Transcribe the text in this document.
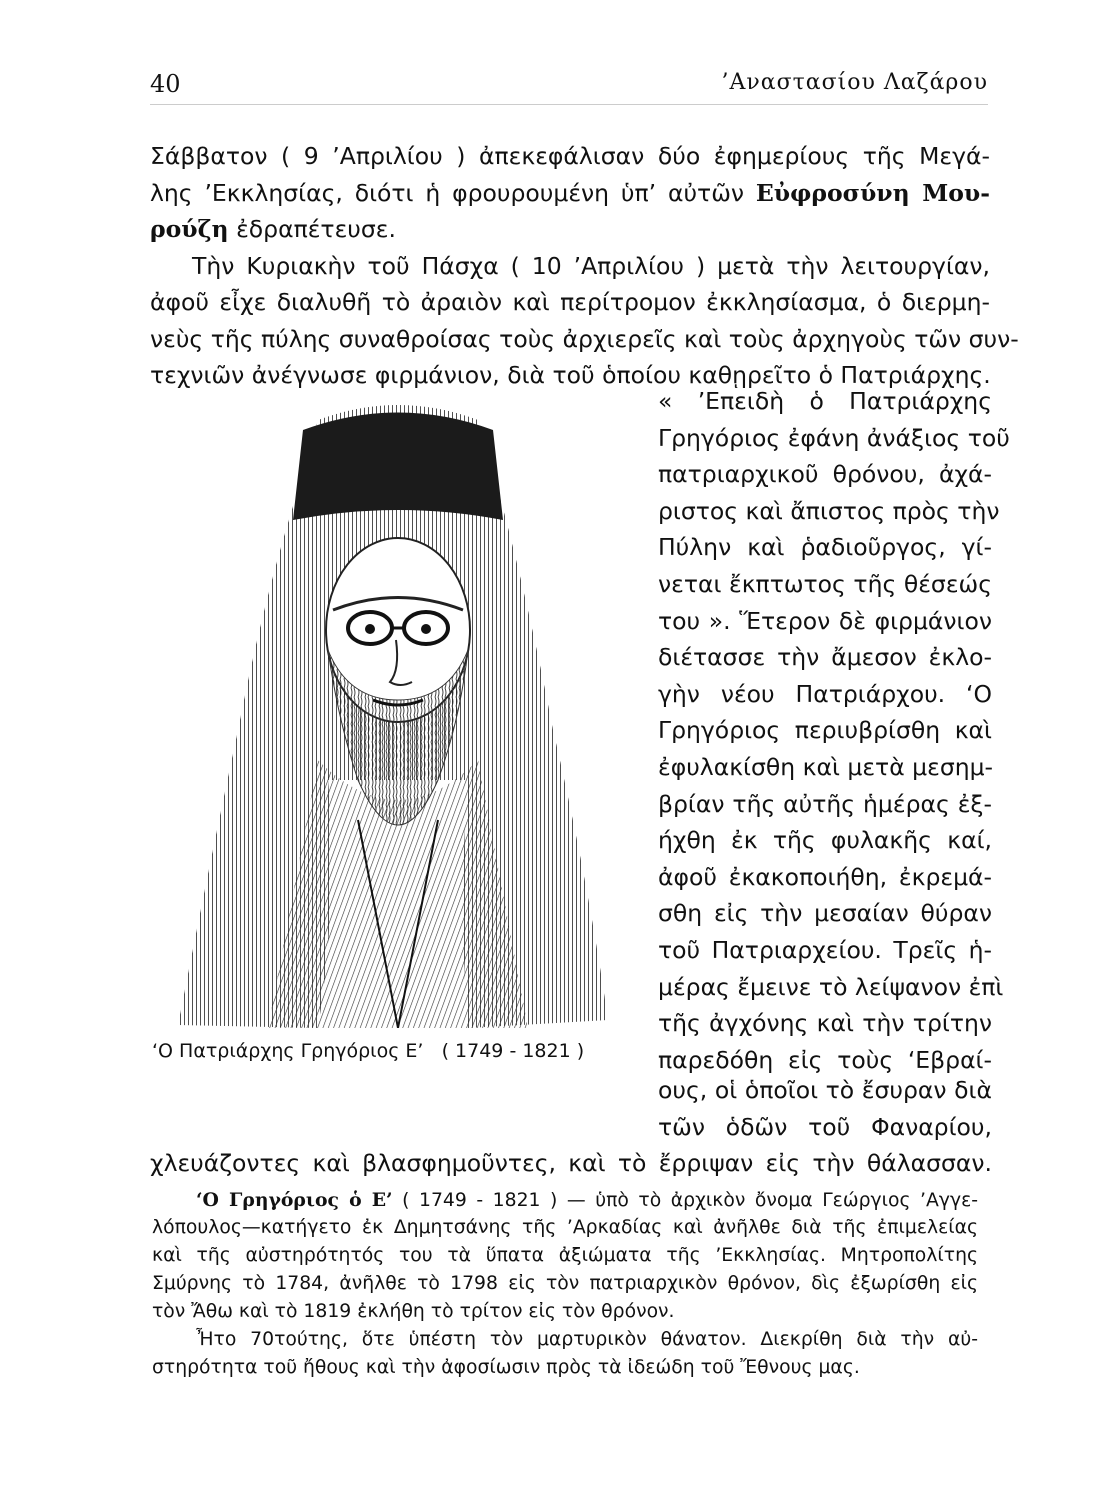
40	’Αναστασίου Λαζάρου
Σάββατον ( 9 ’Απριλίου ) ἀπεκεφάλισαν δύο ἐφημερίους τῆς Μεγά-
λης ’Εκκλησίας, διότι ἡ φρουρουμένη ὑπ’ αὐτῶν Εὐφροσύνη Μου-
ρούζη ἐδραπέτευσε.
Τὴν Κυριακὴν τοῦ Πάσχα ( 10 ’Απριλίου ) μετὰ τὴν λειτουργίαν,
ἀφοῦ εἶχε διαλυθῆ τὸ ἀραιὸν καὶ περίτρομον ἐκκλησίασμα, ὁ διερμη-
νεὺς τῆς πύλης συναθροίσας τοὺς ἀρχιερεῖς καὶ τοὺς ἀρχηγοὺς τῶν συν-
τεχνιῶν ἀνέγνωσε φιρμάνιον, διὰ τοῦ ὁποίου καθῃρεῖτο ὁ Πατριάρχης.
« ’Επειδὴ ὁ Πατριάρχης
Γρηγόριος ἐφάνη ἀνάξιος τοῦ
πατριαρχικοῦ θρόνου, ἀχά-
ριστος καὶ ἄπιστος πρὸς τὴν
Πύλην καὶ ῥαδιοῦργος, γί-
νεται ἔκπτωτος τῆς θέσεώς
του ». Ἕτερον δὲ φιρμάνιον
διέτασσε τὴν ἄμεσον ἐκλο-
γὴν νέου Πατριάρχου. ‘Ο
Γρηγόριος περιυβρίσθη καὶ
ἐφυλακίσθη καὶ μετὰ μεσημ-
βρίαν τῆς αὐτῆς ἡμέρας ἐξ-
ήχθη ἐκ τῆς φυλακῆς καί,
ἀφοῦ ἐκακοποιήθη, ἐκρεμά-
σθη εἰς τὴν μεσαίαν θύραν
τοῦ Πατριαρχείου. Τρεῖς ἡ-
μέρας ἔμεινε τὸ λείψανον ἐπὶ
τῆς ἀγχόνης καὶ τὴν τρίτην
παρεδόθη εἰς τοὺς ‘Εβραί-
‘Ο Πατριάρχης Γρηγόριος Ε’   ( 1749 - 1821 )
ους, οἱ ὁποῖοι τὸ ἔσυραν διὰ
τῶν ὁδῶν τοῦ Φαναρίου,
χλευάζοντες καὶ βλασφημοῦντες, καὶ τὸ ἔρριψαν εἰς τὴν θάλασσαν.
‘Ο Γρηγόριος ὁ Ε’ ( 1749 - 1821 ) — ὑπὸ τὸ ἀρχικὸν ὄνομα Γεώργιος ’Αγγε-
λόπουλος—κατήγετο ἐκ Δημητσάνης τῆς ’Αρκαδίας καὶ ἀνῆλθε διὰ τῆς ἐπιμελείας
καὶ τῆς αὐστηρότητός του τὰ ὕπατα ἀξιώματα τῆς ’Εκκλησίας. Μητροπολίτης
Σμύρνης τὸ 1784, ἀνῆλθε τὸ 1798 εἰς τὸν πατριαρχικὸν θρόνον, δὶς ἐξωρίσθη εἰς
τὸν Ἄθω καὶ τὸ 1819 ἐκλήθη τὸ τρίτον εἰς τὸν θρόνον.
Ἦτο 70τούτης, ὅτε ὑπέστη τὸν μαρτυρικὸν θάνατον. Διεκρίθη διὰ τὴν αὐ-
στηρότητα τοῦ ἤθους καὶ τὴν ἀφοσίωσιν πρὸς τὰ ἰδεώδη τοῦ Ἔθνους μας.
